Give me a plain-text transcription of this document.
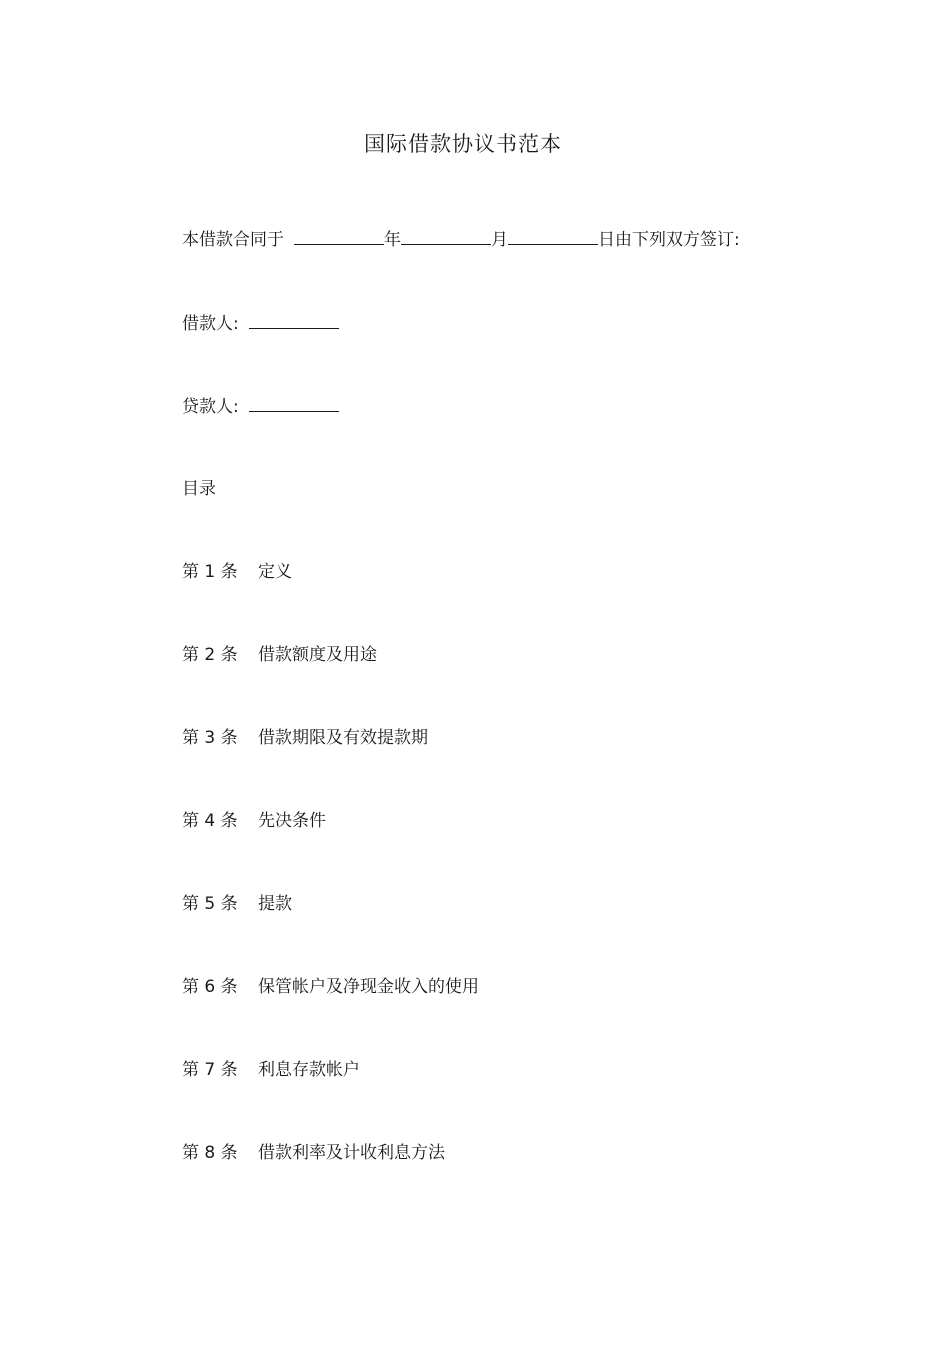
国际借款协议书范本
本借款合同于	年	月	日由下列双方签订:
借款人:
贷款人:
目录
第 1 条 定义
第 2 条 借款额度及用途
第 3 条 借款期限及有效提款期
第 4 条 先决条件
第 5 条 提款
第 6 条 保管帐户及净现金收入的使用
第 7 条 利息存款帐户
第 8 条 借款利率及计收利息方法
